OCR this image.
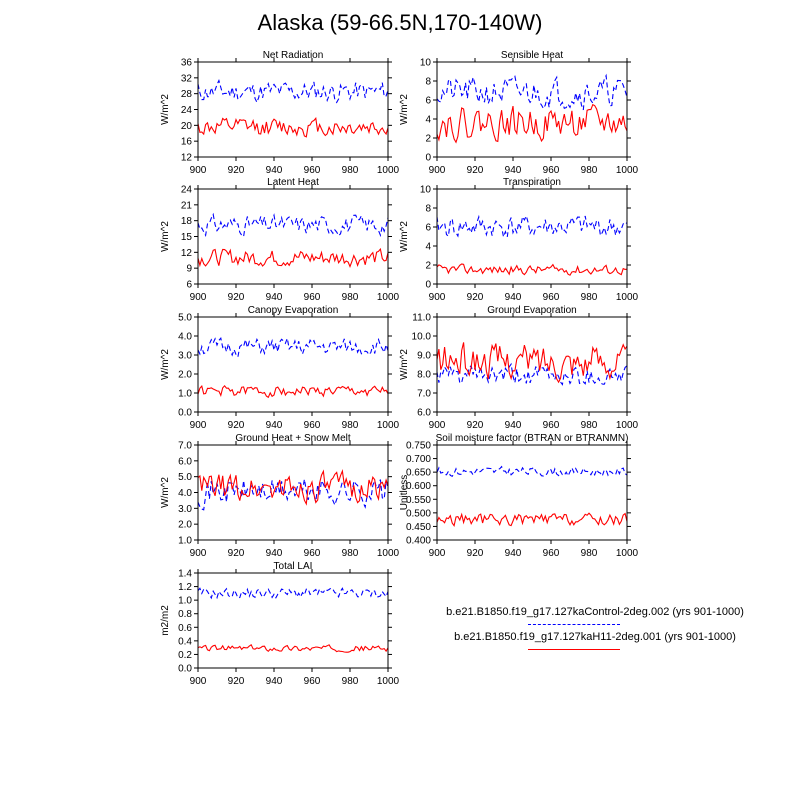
Alaska (59-66.5N,170-140W)
Net Radiation
W/m^2
12
16
20
24
28
32
36
900 920 940 960 980 1000
Sensible Heat
W/m^2
0
2
4
6
8
10
900 920 940 960 980 1000
Latent Heat
W/m^2
6
9
12
15
18
21
24
900 920 940 960 980 1000
Transpiration
W/m^2
0
2
4
6
8
10
900 920 940 960 980 1000
Canopy Evaporation
W/m^2
0.0
1.0
2.0
3.0
4.0
5.0
900 920 940 960 980 1000
Ground Evaporation
W/m^2
6.0
7.0
8.0
9.0
10.0
11.0
900 920 940 960 980 1000
Ground Heat + Snow Melt
W/m^2
1.0
2.0
3.0
4.0
5.0
6.0
7.0
900 920 940 960 980 1000
Soil moisture factor (BTRAN or BTRANMN)
Unitless
0.400
0.450
0.500
0.550
0.600
0.650
0.700
0.750
900 920 940 960 980 1000
Total LAI
m2/m2
0.0
0.2
0.4
0.6
0.8
1.0
1.2
1.4
900 920 940 960 980 1000
b.e21.B1850.f19_g17.127kaControl-2deg.002 (yrs 901-1000)
b.e21.B1850.f19_g17.127kaH11-2deg.001 (yrs 901-1000)
